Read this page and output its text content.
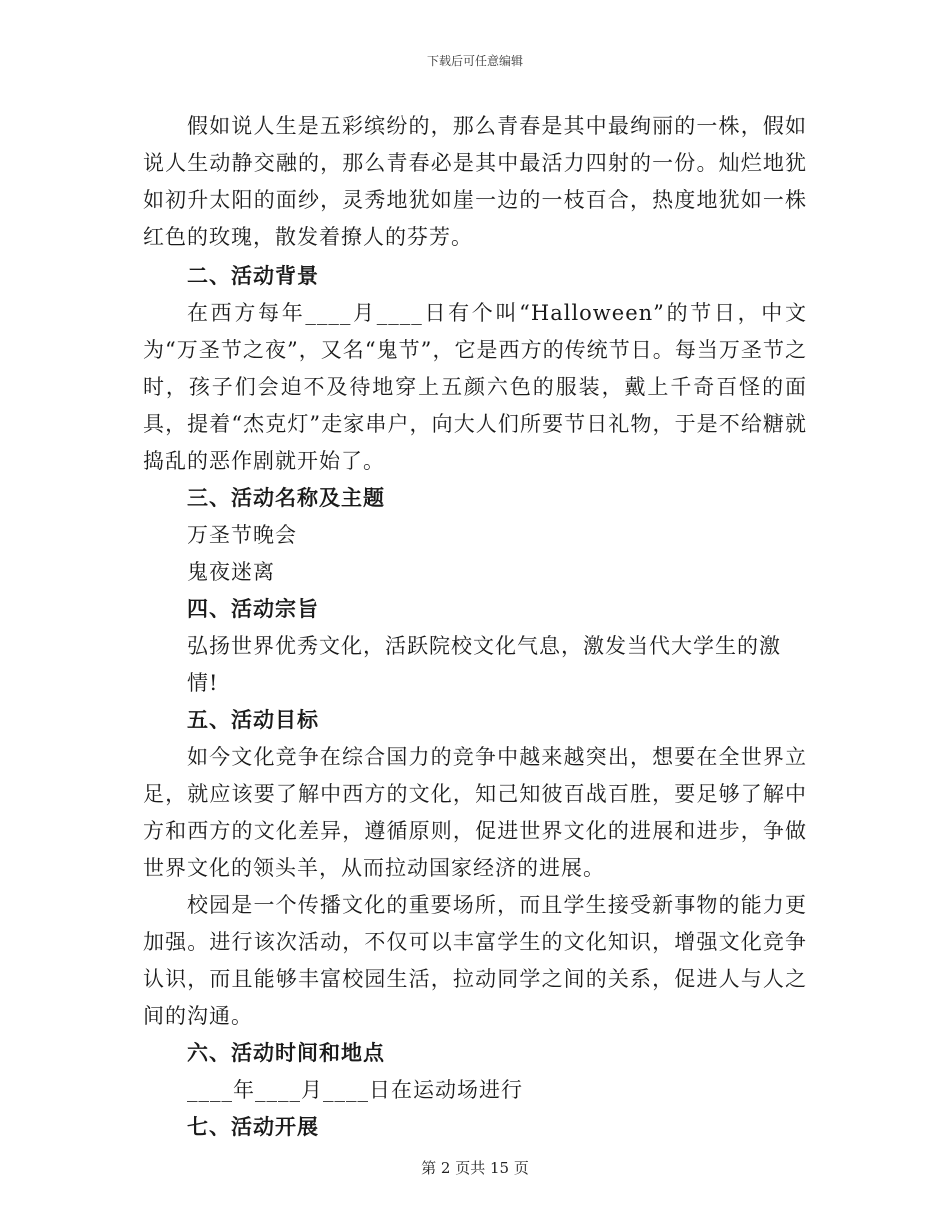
下载后可任意编辑

假如说人生是五彩缤纷的，那么青春是其中最绚丽的一株，假如说人生动静交融的，那么青春必是其中最活力四射的一份。灿烂地犹如初升太阳的面纱，灵秀地犹如崖一边的一枝百合，热度地犹如一株红色的玫瑰，散发着撩人的芬芳。

二、活动背景

在西方每年____月____日有个叫“Halloween”的节日，中文为“万圣节之夜”，又名“鬼节”，它是西方的传统节日。每当万圣节之时，孩子们会迫不及待地穿上五颜六色的服装，戴上千奇百怪的面具，提着“杰克灯”走家串户，向大人们所要节日礼物，于是不给糖就捣乱的恶作剧就开始了。

三、活动名称及主题

万圣节晚会

鬼夜迷离

四、活动宗旨

弘扬世界优秀文化，活跃院校文化气息，激发当代大学生的激情!

五、活动目标

如今文化竞争在综合国力的竞争中越来越突出，想要在全世界立足，就应该要了解中西方的文化，知己知彼百战百胜，要足够了解中方和西方的文化差异，遵循原则，促进世界文化的进展和进步，争做世界文化的领头羊，从而拉动国家经济的进展。

校园是一个传播文化的重要场所，而且学生接受新事物的能力更加强。进行该次活动，不仅可以丰富学生的文化知识，增强文化竞争认识，而且能够丰富校园生活，拉动同学之间的关系，促进人与人之间的沟通。

六、活动时间和地点

____年____月____日在运动场进行

七、活动开展

第 2 页共 15 页
